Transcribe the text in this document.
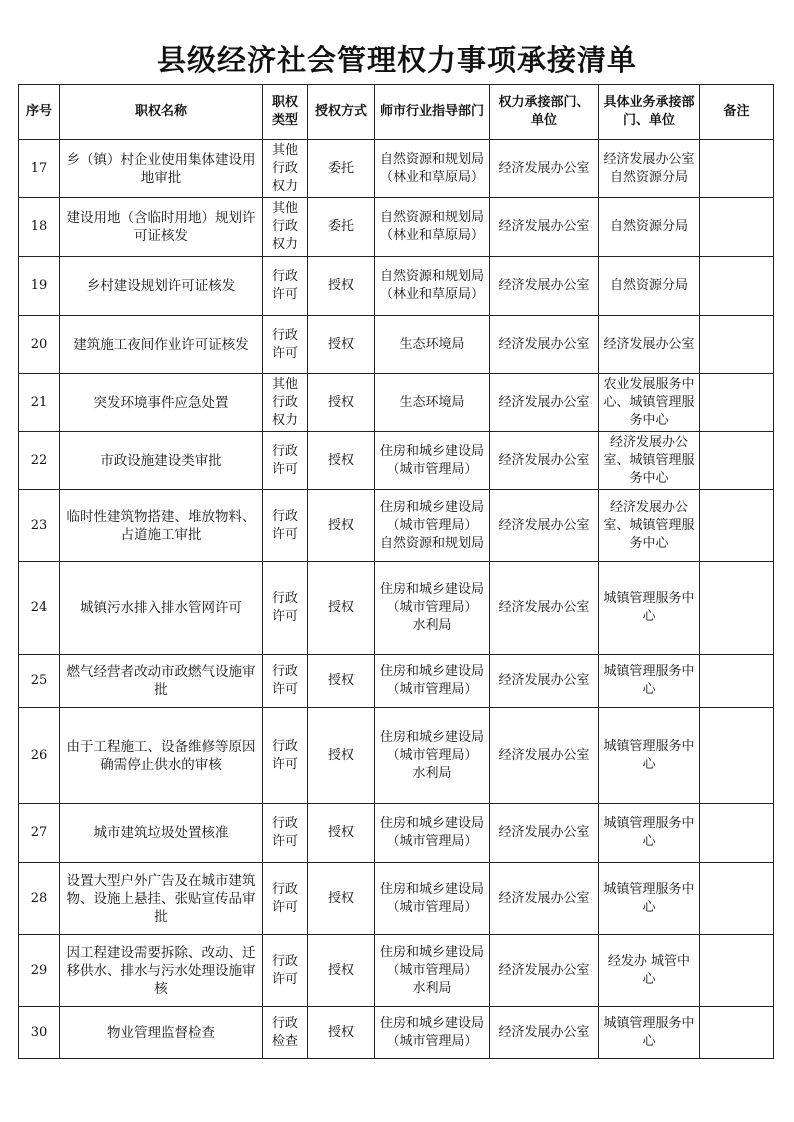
县级经济社会管理权力事项承接清单
序号	职权名称	职权类型	授权方式	师市行业指导部门	权力承接部门、单位	具体业务承接部门、单位	备注
17	乡（镇）村企业使用集体建设用地审批	其他行政权力	委托	自然资源和规划局 （林业和草原局）	经济发展办公室	经济发展办公室自然资源分局	
18	建设用地（含临时用地）规划许可证核发	其他行政权力	委托	自然资源和规划局 （林业和草原局）	经济发展办公室	自然资源分局	
19	乡村建设规划许可证核发	行政许可	授权	自然资源和规划局 （林业和草原局）	经济发展办公室	自然资源分局	
20	建筑施工夜间作业许可证核发	行政许可	授权	生态环境局	经济发展办公室	经济发展办公室	
21	突发环境事件应急处置	其他行政权力	授权	生态环境局	经济发展办公室	农业发展服务中心、城镇管理服务中心	
22	市政设施建设类审批	行政许可	授权	住房和城乡建设局（城市管理局）	经济发展办公室	经济发展办公室、城镇管理服务中心	
23	临时性建筑物搭建、堆放物料、占道施工审批	行政许可	授权	住房和城乡建设局（城市管理局） 自然资源和规划局	经济发展办公室	经济发展办公室、城镇管理服务中心	
24	城镇污水排入排水管网许可	行政许可	授权	住房和城乡建设局（城市管理局） 水利局	经济发展办公室	城镇管理服务中心	
25	燃气经营者改动市政燃气设施审批	行政许可	授权	住房和城乡建设局（城市管理局）	经济发展办公室	城镇管理服务中心	
26	由于工程施工、设备维修等原因确需停止供水的审核	行政许可	授权	住房和城乡建设局（城市管理局） 水利局	经济发展办公室	城镇管理服务中心	
27	城市建筑垃圾处置核准	行政许可	授权	住房和城乡建设局（城市管理局）	经济发展办公室	城镇管理服务中心	
28	设置大型户外广告及在城市建筑物、设施上悬挂、张贴宣传品审批	行政许可	授权	住房和城乡建设局（城市管理局）	经济发展办公室	城镇管理服务中心	
29	因工程建设需要拆除、改动、迁移供水、排水与污水处理设施审核	行政许可	授权	住房和城乡建设局（城市管理局） 水利局	经济发展办公室	经发办 城管中心	
30	物业管理监督检查	行政检查	授权	住房和城乡建设局（城市管理局）	经济发展办公室	城镇管理服务中心	
